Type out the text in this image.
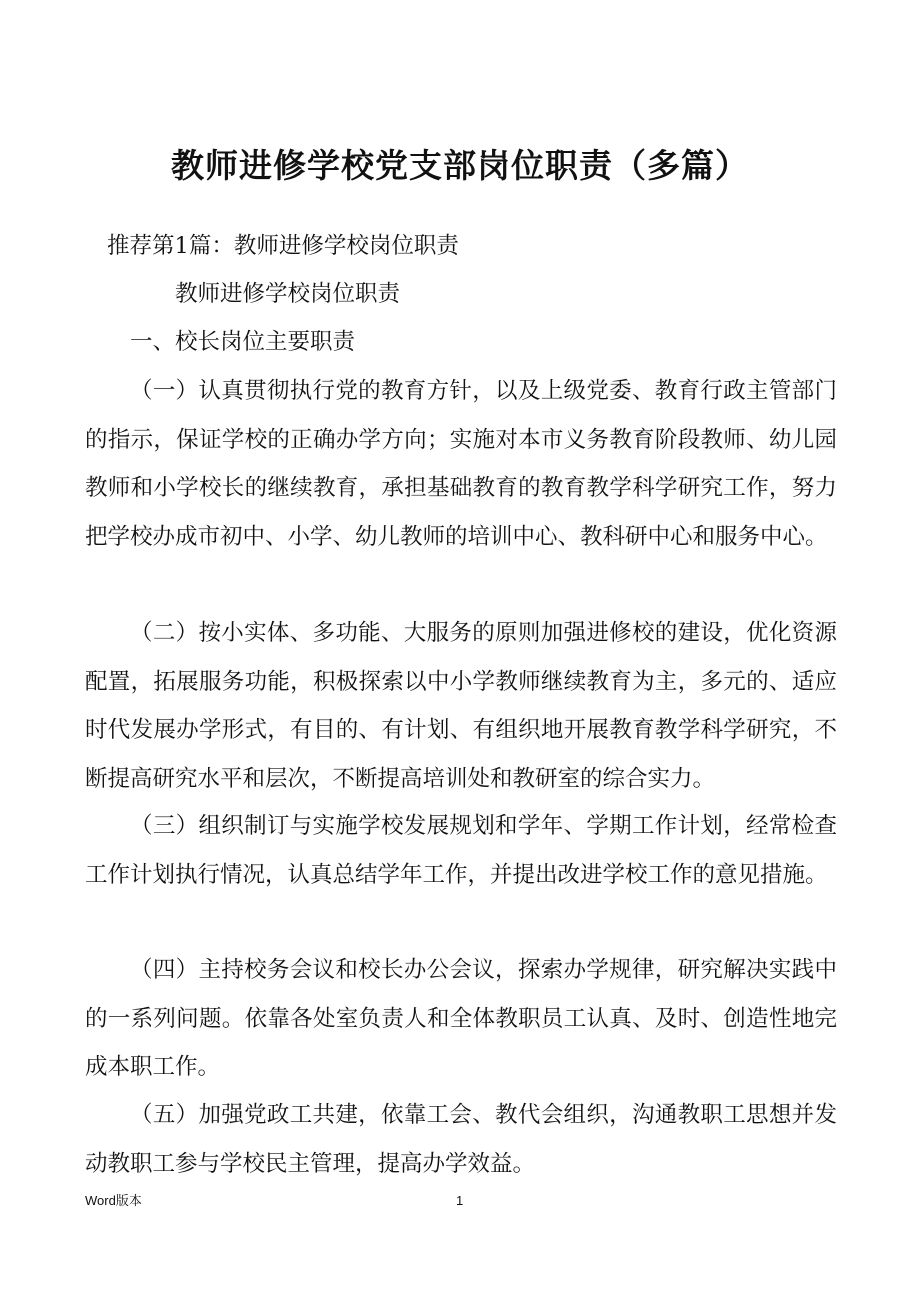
教师进修学校党支部岗位职责（多篇）
推荐第1篇：教师进修学校岗位职责
教师进修学校岗位职责
一、校长岗位主要职责
（一）认真贯彻执行党的教育方针，以及上级党委、教育行政主管部门的指示，保证学校的正确办学方向；实施对本市义务教育阶段教师、幼儿园教师和小学校长的继续教育，承担基础教育的教育教学科学研究工作，努力把学校办成市初中、小学、幼儿教师的培训中心、教科研中心和服务中心。
（二）按小实体、多功能、大服务的原则加强进修校的建设，优化资源配置，拓展服务功能，积极探索以中小学教师继续教育为主，多元的、适应时代发展办学形式，有目的、有计划、有组织地开展教育教学科学研究，不断提高研究水平和层次，不断提高培训处和教研室的综合实力。
（三）组织制订与实施学校发展规划和学年、学期工作计划，经常检查工作计划执行情况，认真总结学年工作，并提出改进学校工作的意见措施。
（四）主持校务会议和校长办公会议，探索办学规律，研究解决实践中的一系列问题。依靠各处室负责人和全体教职员工认真、及时、创造性地完成本职工作。
（五）加强党政工共建，依靠工会、教代会组织，沟通教职工思想并发动教职工参与学校民主管理，提高办学效益。
Word版本	1
